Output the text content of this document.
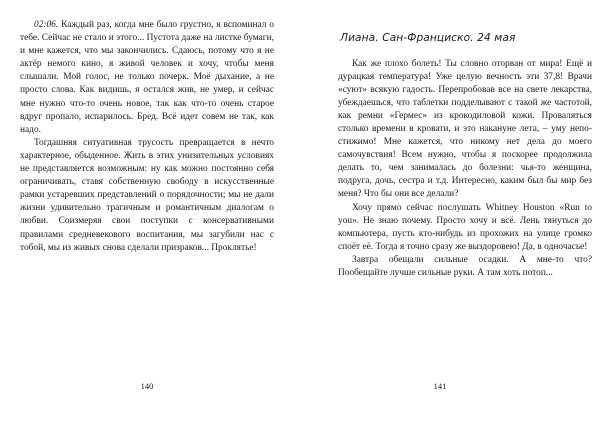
02:06. Каждый раз, когда мне было грустно, я вспоминал о тебе. Сейчас не стало и этого... Пустота даже на листке бумаги, и мне кажется, что мы закончились. Сдаюсь, потому что я не актёр немого кино, я живой человек и хочу, чтобы меня слышали. Мой голос, не только почерк. Моё дыхание, а не просто слова. Как видишь, я остался жив, не умер, и сейчас мне нужно что-то очень новое, так как что-то очень старое вдруг пропало, испарилось. Бред. Всё идет совем не так, как надо.

Тогдашняя ситуативная трусость превращается в нечто характерное, обыденное. Жить в этих унизительных условиях не представляется возможным: ну как можно постоянно себя ограничивать, ставя собственную свободу в искусственные рамки устаревших представлений о порядочности; мы не дали жизни удивительно трагичным и романтичным диалогам о любви. Соизмеряя свои поступки с консервативными правилами средневекового воспитания, мы загубили нас с тобой, мы из живых снова сделали призраков... Проклятье!

140
Лиана. Сан-Франциско. 24 мая

Как же плохо болеть! Ты словно оторван от мира! Ещё и дурацкая температура! Уже целую вечность эти 37,8! Врачи «суют» всякую гадость. Перепробовав все на свете лекарства, убеждаешься, что таблетки подделывают с такой же частотой, как ремни «Гермес» из крокодиловой кожи. Проваляться столько времени в кровати, и это накануне лета, – уму непостижимо! Мне кажется, что никому нет дела до моего самочувствия! Всем нужно, чтобы я поскорее продолжила делать то, чем занималась до болезни: чья-то женщина, подруга, дочь, сестра и т.д. Интересно, каким был бы мир без меня? Что бы они все делали?

Хочу прямо сейчас послушать Whitney Houston «Run to you». Не знаю почему. Просто хочу и всё. Лень тянуться до компьютера, пусть кто-нибудь из прохожих на улице громко споёт её. Тогда я точно сразу же выздоровею! Да, в одночасье!

Завтра обещали сильные осадки. А мне-то что? Пообещайте лучше сильные руки. А там хоть потоп...

141
